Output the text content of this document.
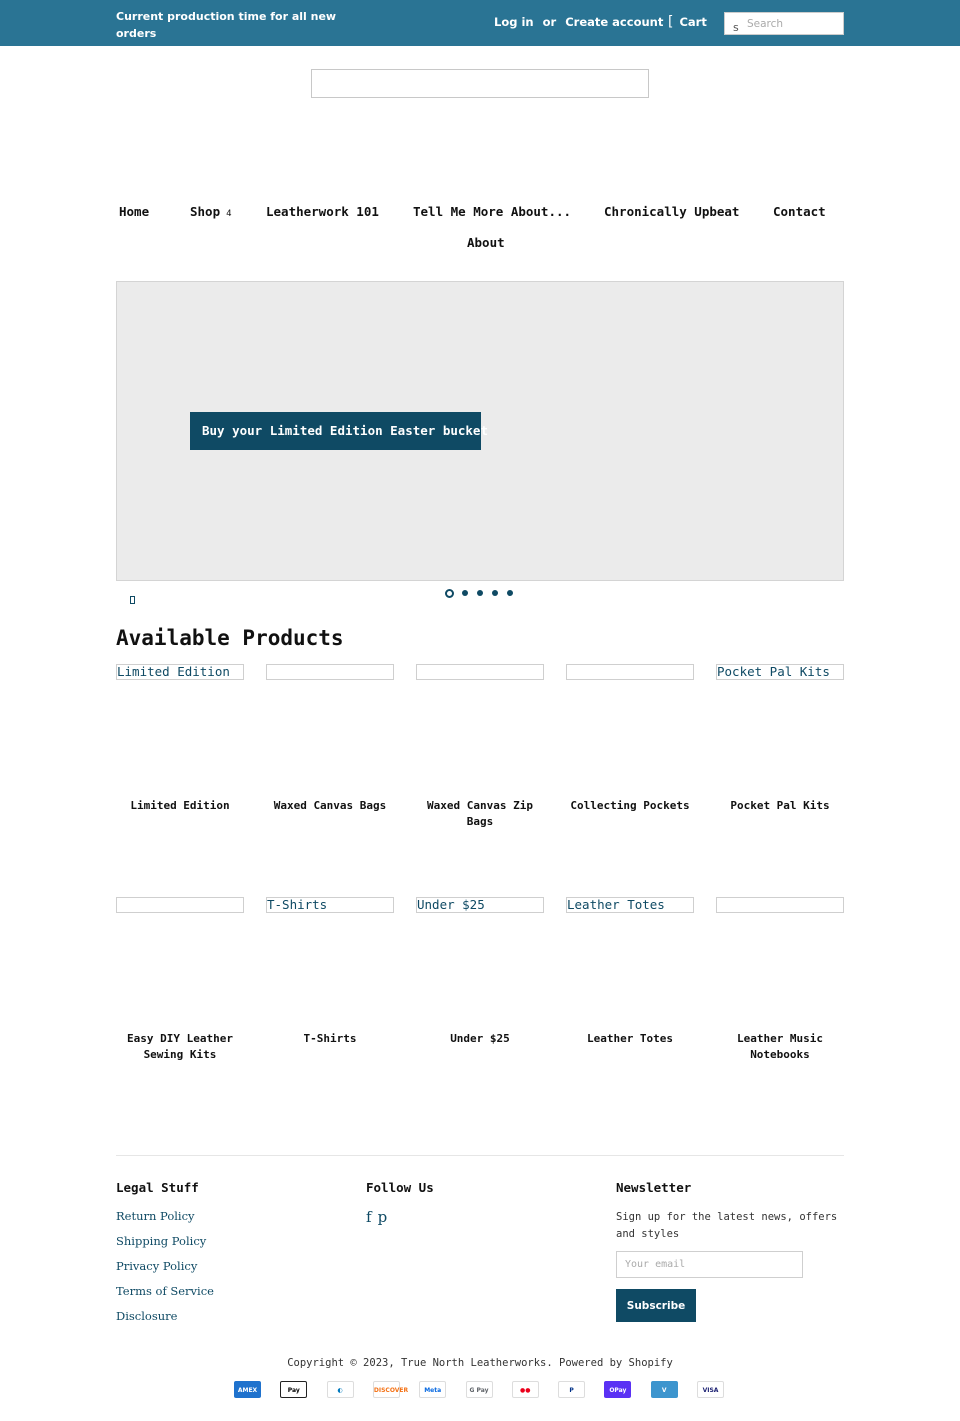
Current production time for all new orders
(not including shipping) is 8-10 days.
Log in or Create account [ Cart s
Search
Home	Shop 4	Leatherwork 101	Tell Me More About...	Chronically Upbeat	Contact
About
Buy your Limited Edition Easter bucket
Available Products
Limited Edition
Limited Edition	Waxed Canvas Bags	Waxed Canvas Zip Bags
Collecting Pockets
Pocket Pal Kits
Pocket Pal Kits
Easy DIY Leather Sewing Kits
T-Shirts
T-Shirts
Under $25
Under $25
Leather Totes
Leather Totes	Leather Music Notebooks
Legal Stuff
Return Policy
Shipping Policy
Privacy Policy
Terms of Service
Disclosure
Follow Us
f p
Newsletter
Sign up for the latest news, offers and styles
Your email
Subscribe
Copyright © 2023, True North Leatherworks. Powered by Shopify
AMEX	Pay	◐	DISCOVER	Meta	G Pay	●●	P	OPay	V	VISA
